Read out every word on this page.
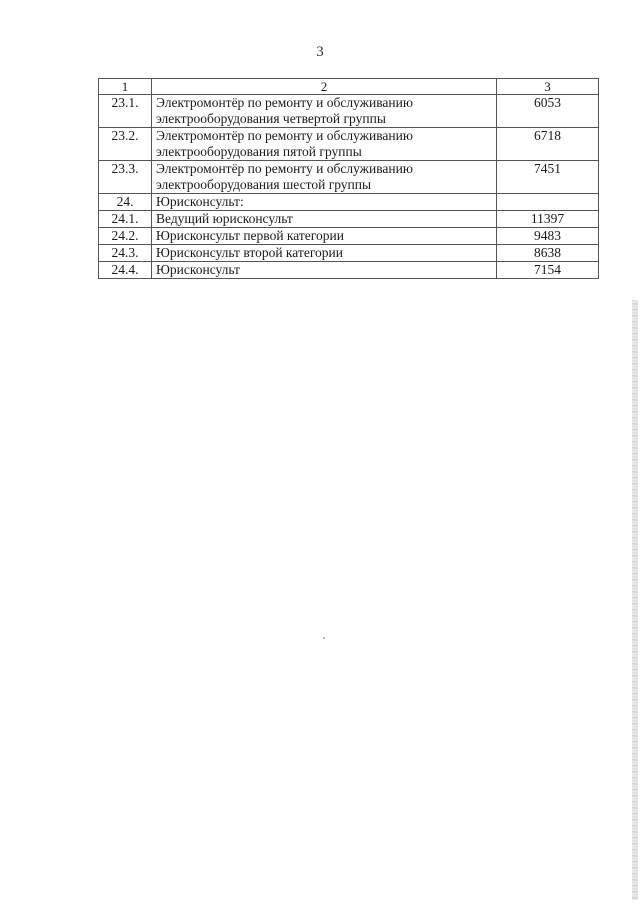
3
1	2	3
23.1.	Электромонтёр по ремонту и обслуживанию электрооборудования четвертой группы	6053
23.2.	Электромонтёр по ремонту и обслуживанию электрооборудования пятой группы	6718
23.3.	Электромонтёр по ремонту и обслуживанию электрооборудования шестой группы	7451
24.	Юрисконсульт:	
24.1.	Ведущий юрисконсульт	11397
24.2.	Юрисконсульт первой категории	9483
24.3.	Юрисконсульт второй категории	8638
24.4.	Юрисконсульт	7154
